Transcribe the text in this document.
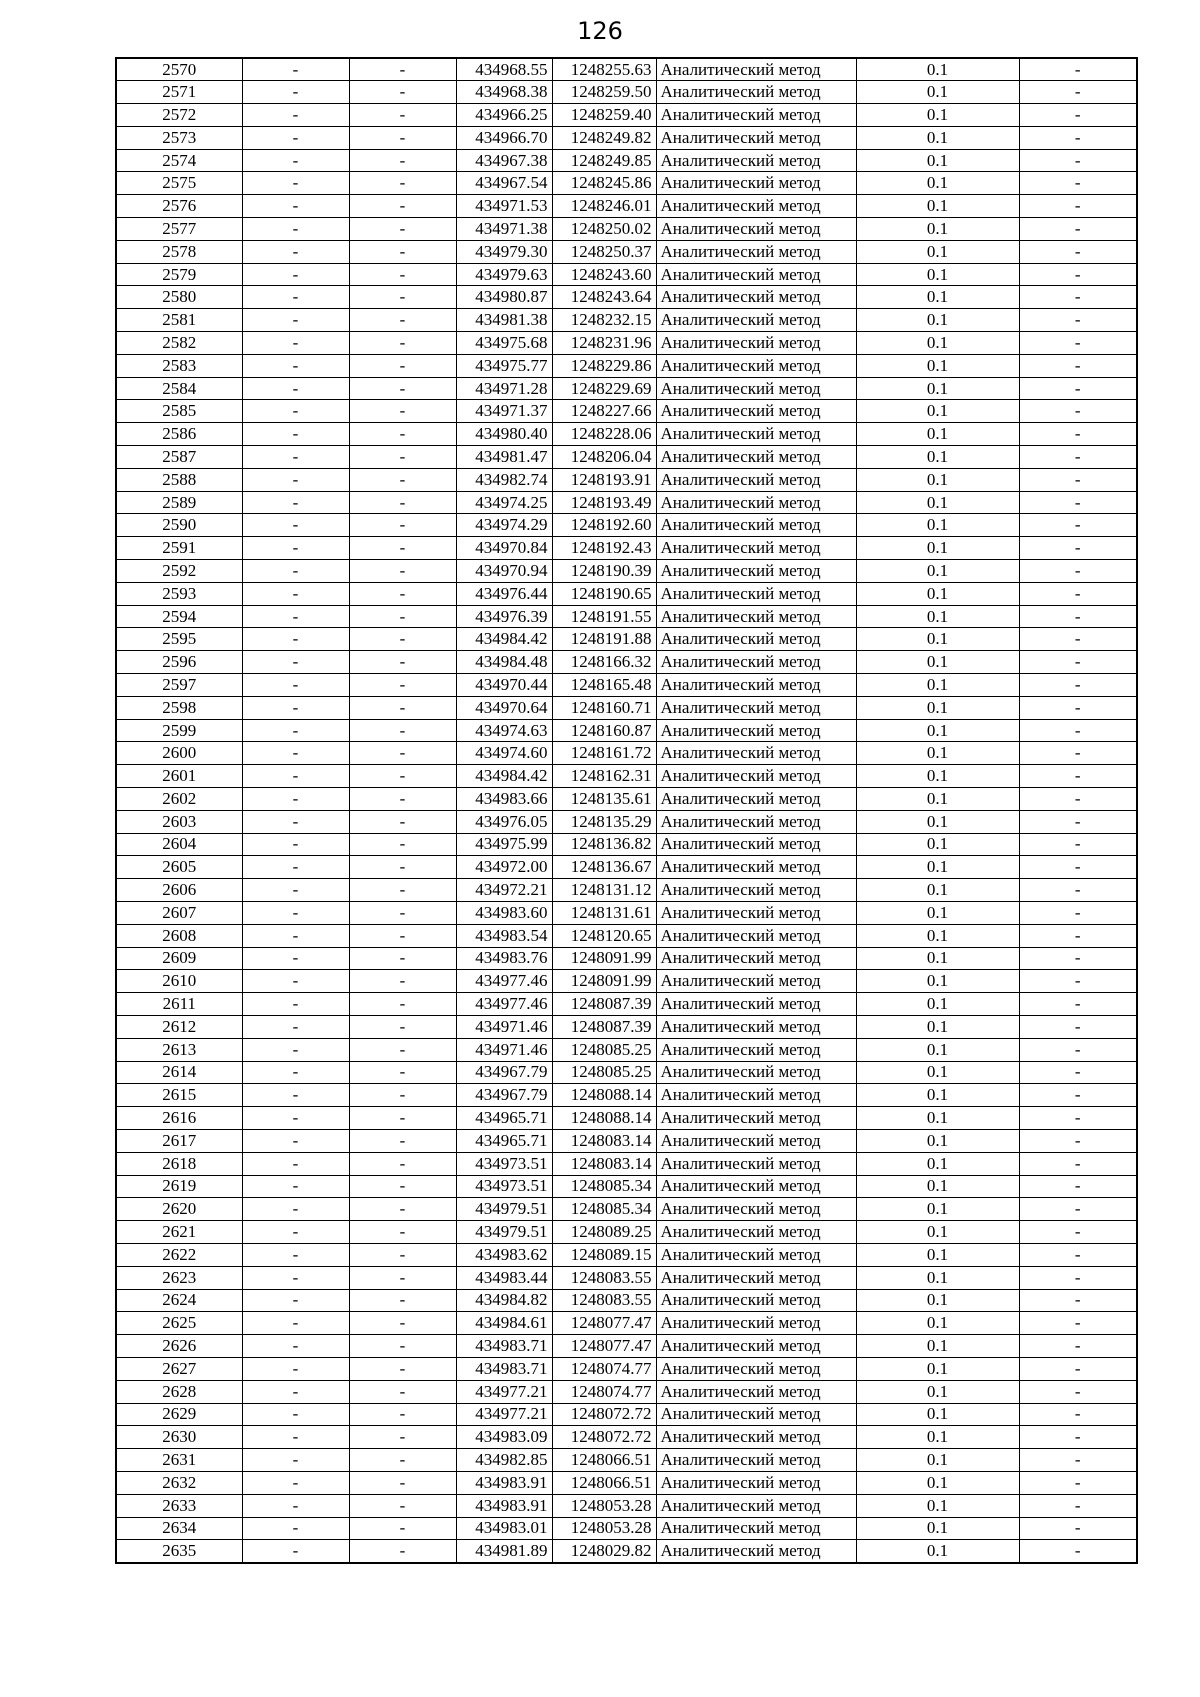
126
2570	-	-	434968.55	1248255.63	Аналитический метод	0.1	-
2571	-	-	434968.38	1248259.50	Аналитический метод	0.1	-
2572	-	-	434966.25	1248259.40	Аналитический метод	0.1	-
2573	-	-	434966.70	1248249.82	Аналитический метод	0.1	-
2574	-	-	434967.38	1248249.85	Аналитический метод	0.1	-
2575	-	-	434967.54	1248245.86	Аналитический метод	0.1	-
2576	-	-	434971.53	1248246.01	Аналитический метод	0.1	-
2577	-	-	434971.38	1248250.02	Аналитический метод	0.1	-
2578	-	-	434979.30	1248250.37	Аналитический метод	0.1	-
2579	-	-	434979.63	1248243.60	Аналитический метод	0.1	-
2580	-	-	434980.87	1248243.64	Аналитический метод	0.1	-
2581	-	-	434981.38	1248232.15	Аналитический метод	0.1	-
2582	-	-	434975.68	1248231.96	Аналитический метод	0.1	-
2583	-	-	434975.77	1248229.86	Аналитический метод	0.1	-
2584	-	-	434971.28	1248229.69	Аналитический метод	0.1	-
2585	-	-	434971.37	1248227.66	Аналитический метод	0.1	-
2586	-	-	434980.40	1248228.06	Аналитический метод	0.1	-
2587	-	-	434981.47	1248206.04	Аналитический метод	0.1	-
2588	-	-	434982.74	1248193.91	Аналитический метод	0.1	-
2589	-	-	434974.25	1248193.49	Аналитический метод	0.1	-
2590	-	-	434974.29	1248192.60	Аналитический метод	0.1	-
2591	-	-	434970.84	1248192.43	Аналитический метод	0.1	-
2592	-	-	434970.94	1248190.39	Аналитический метод	0.1	-
2593	-	-	434976.44	1248190.65	Аналитический метод	0.1	-
2594	-	-	434976.39	1248191.55	Аналитический метод	0.1	-
2595	-	-	434984.42	1248191.88	Аналитический метод	0.1	-
2596	-	-	434984.48	1248166.32	Аналитический метод	0.1	-
2597	-	-	434970.44	1248165.48	Аналитический метод	0.1	-
2598	-	-	434970.64	1248160.71	Аналитический метод	0.1	-
2599	-	-	434974.63	1248160.87	Аналитический метод	0.1	-
2600	-	-	434974.60	1248161.72	Аналитический метод	0.1	-
2601	-	-	434984.42	1248162.31	Аналитический метод	0.1	-
2602	-	-	434983.66	1248135.61	Аналитический метод	0.1	-
2603	-	-	434976.05	1248135.29	Аналитический метод	0.1	-
2604	-	-	434975.99	1248136.82	Аналитический метод	0.1	-
2605	-	-	434972.00	1248136.67	Аналитический метод	0.1	-
2606	-	-	434972.21	1248131.12	Аналитический метод	0.1	-
2607	-	-	434983.60	1248131.61	Аналитический метод	0.1	-
2608	-	-	434983.54	1248120.65	Аналитический метод	0.1	-
2609	-	-	434983.76	1248091.99	Аналитический метод	0.1	-
2610	-	-	434977.46	1248091.99	Аналитический метод	0.1	-
2611	-	-	434977.46	1248087.39	Аналитический метод	0.1	-
2612	-	-	434971.46	1248087.39	Аналитический метод	0.1	-
2613	-	-	434971.46	1248085.25	Аналитический метод	0.1	-
2614	-	-	434967.79	1248085.25	Аналитический метод	0.1	-
2615	-	-	434967.79	1248088.14	Аналитический метод	0.1	-
2616	-	-	434965.71	1248088.14	Аналитический метод	0.1	-
2617	-	-	434965.71	1248083.14	Аналитический метод	0.1	-
2618	-	-	434973.51	1248083.14	Аналитический метод	0.1	-
2619	-	-	434973.51	1248085.34	Аналитический метод	0.1	-
2620	-	-	434979.51	1248085.34	Аналитический метод	0.1	-
2621	-	-	434979.51	1248089.25	Аналитический метод	0.1	-
2622	-	-	434983.62	1248089.15	Аналитический метод	0.1	-
2623	-	-	434983.44	1248083.55	Аналитический метод	0.1	-
2624	-	-	434984.82	1248083.55	Аналитический метод	0.1	-
2625	-	-	434984.61	1248077.47	Аналитический метод	0.1	-
2626	-	-	434983.71	1248077.47	Аналитический метод	0.1	-
2627	-	-	434983.71	1248074.77	Аналитический метод	0.1	-
2628	-	-	434977.21	1248074.77	Аналитический метод	0.1	-
2629	-	-	434977.21	1248072.72	Аналитический метод	0.1	-
2630	-	-	434983.09	1248072.72	Аналитический метод	0.1	-
2631	-	-	434982.85	1248066.51	Аналитический метод	0.1	-
2632	-	-	434983.91	1248066.51	Аналитический метод	0.1	-
2633	-	-	434983.91	1248053.28	Аналитический метод	0.1	-
2634	-	-	434983.01	1248053.28	Аналитический метод	0.1	-
2635	-	-	434981.89	1248029.82	Аналитический метод	0.1	-
